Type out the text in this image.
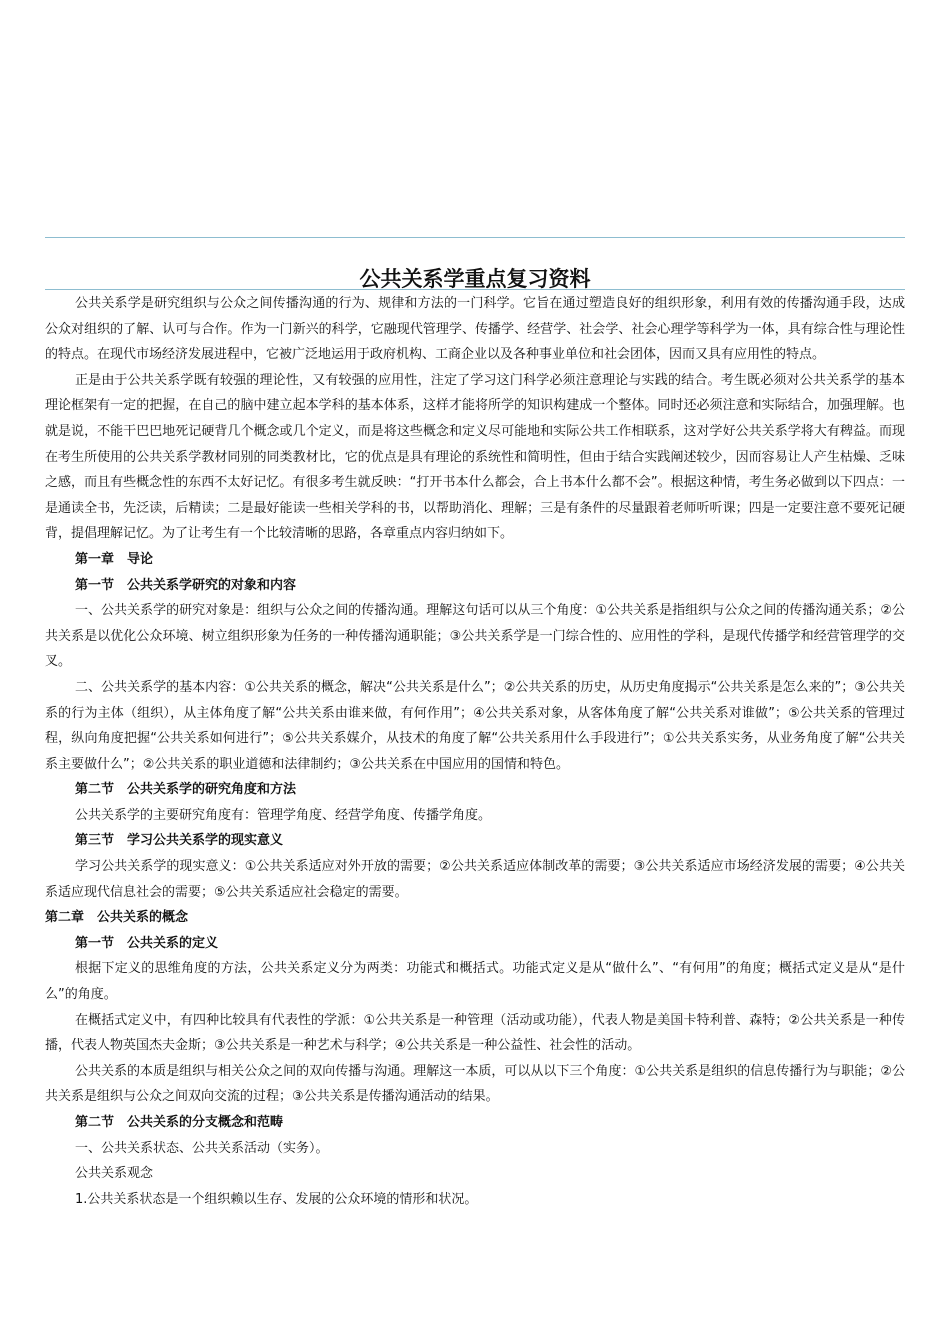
公共关系学重点复习资料

公共关系学是研究组织与公众之间传播沟通的行为、规律和方法的一门科学。它旨在通过塑造良好的组织形象，利用有效的传播沟通手段，达成公众对组织的了解、认可与合作。作为一门新兴的科学，它融现代管理学、传播学、经营学、社会学、社会心理学等科学为一体，具有综合性与理论性的特点。在现代市场经济发展进程中，它被广泛地运用于政府机构、工商企业以及各种事业单位和社会团体，因而又具有应用性的特点。

正是由于公共关系学既有较强的理论性，又有较强的应用性，注定了学习这门科学必须注意理论与实践的结合。考生既必须对公共关系学的基本理论框架有一定的把握，在自己的脑中建立起本学科的基本体系，这样才能将所学的知识构建成一个整体。同时还必须注意和实际结合，加强理解。也就是说，不能干巴巴地死记硬背几个概念或几个定义，而是将这些概念和定义尽可能地和实际公共工作相联系，这对学好公共关系学将大有稗益。而现在考生所使用的公共关系学教材同别的同类教材比，它的优点是具有理论的系统性和简明性，但由于结合实践阐述较少，因而容易让人产生枯燥、乏味之感，而且有些概念性的东西不太好记忆。有很多考生就反映：“打开书本什么都会，合上书本什么都不会”。根据这种情，考生务必做到以下四点：一是通读全书，先泛读，后精读；二是最好能读一些相关学科的书，以帮助消化、理解；三是有条件的尽量跟着老师听听课；四是一定要注意不要死记硬背，提倡理解记忆。为了让考生有一个比较清晰的思路，各章重点内容归纳如下。

第一章　导论

第一节　公共关系学研究的对象和内容

一、公共关系学的研究对象是：组织与公众之间的传播沟通。理解这句话可以从三个角度：①公共关系是指组织与公众之间的传播沟通关系；②公共关系是以优化公众环境、树立组织形象为任务的一种传播沟通职能；③公共关系学是一门综合性的、应用性的学科，是现代传播学和经营管理学的交叉。

二、公共关系学的基本内容：①公共关系的概念，解决“公共关系是什么”；②公共关系的历史，从历史角度揭示“公共关系是怎么来的”；③公共关系的行为主体（组织），从主体角度了解“公共关系由谁来做，有何作用”；④公共关系对象，从客体角度了解“公共关系对谁做”；⑤公共关系的管理过程，纵向角度把握“公共关系如何进行”；⑤公共关系媒介，从技术的角度了解“公共关系用什么手段进行”；①公共关系实务，从业务角度了解“公共关系主要做什么”；②公共关系的职业道德和法律制约；③公共关系在中国应用的国情和特色。

第二节　公共关系学的研究角度和方法

公共关系学的主要研究角度有：管理学角度、经营学角度、传播学角度。

第三节　学习公共关系学的现实意义

学习公共关系学的现实意义：①公共关系适应对外开放的需要；②公共关系适应体制改革的需要；③公共关系适应市场经济发展的需要；④公共关系适应现代信息社会的需要；⑤公共关系适应社会稳定的需要。

第二章　公共关系的概念

第一节　公共关系的定义

根据下定义的思维角度的方法，公共关系定义分为两类：功能式和概括式。功能式定义是从“做什么”、“有何用”的角度；概括式定义是从“是什么”的角度。

在概括式定义中，有四种比较具有代表性的学派：①公共关系是一种管理（活动或功能），代表人物是美国卡特利普、森特；②公共关系是一种传播，代表人物英国杰夫金斯；③公共关系是一种艺术与科学；④公共关系是一种公益性、社会性的活动。

公共关系的本质是组织与相关公众之间的双向传播与沟通。理解这一本质，可以从以下三个角度：①公共关系是组织的信息传播行为与职能；②公共关系是组织与公众之间双向交流的过程；③公共关系是传播沟通活动的结果。

第二节　公共关系的分支概念和范畴

一、公共关系状态、公共关系活动（实务）。

公共关系观念

1.公共关系状态是一个组织赖以生存、发展的公众环境的情形和状况。
